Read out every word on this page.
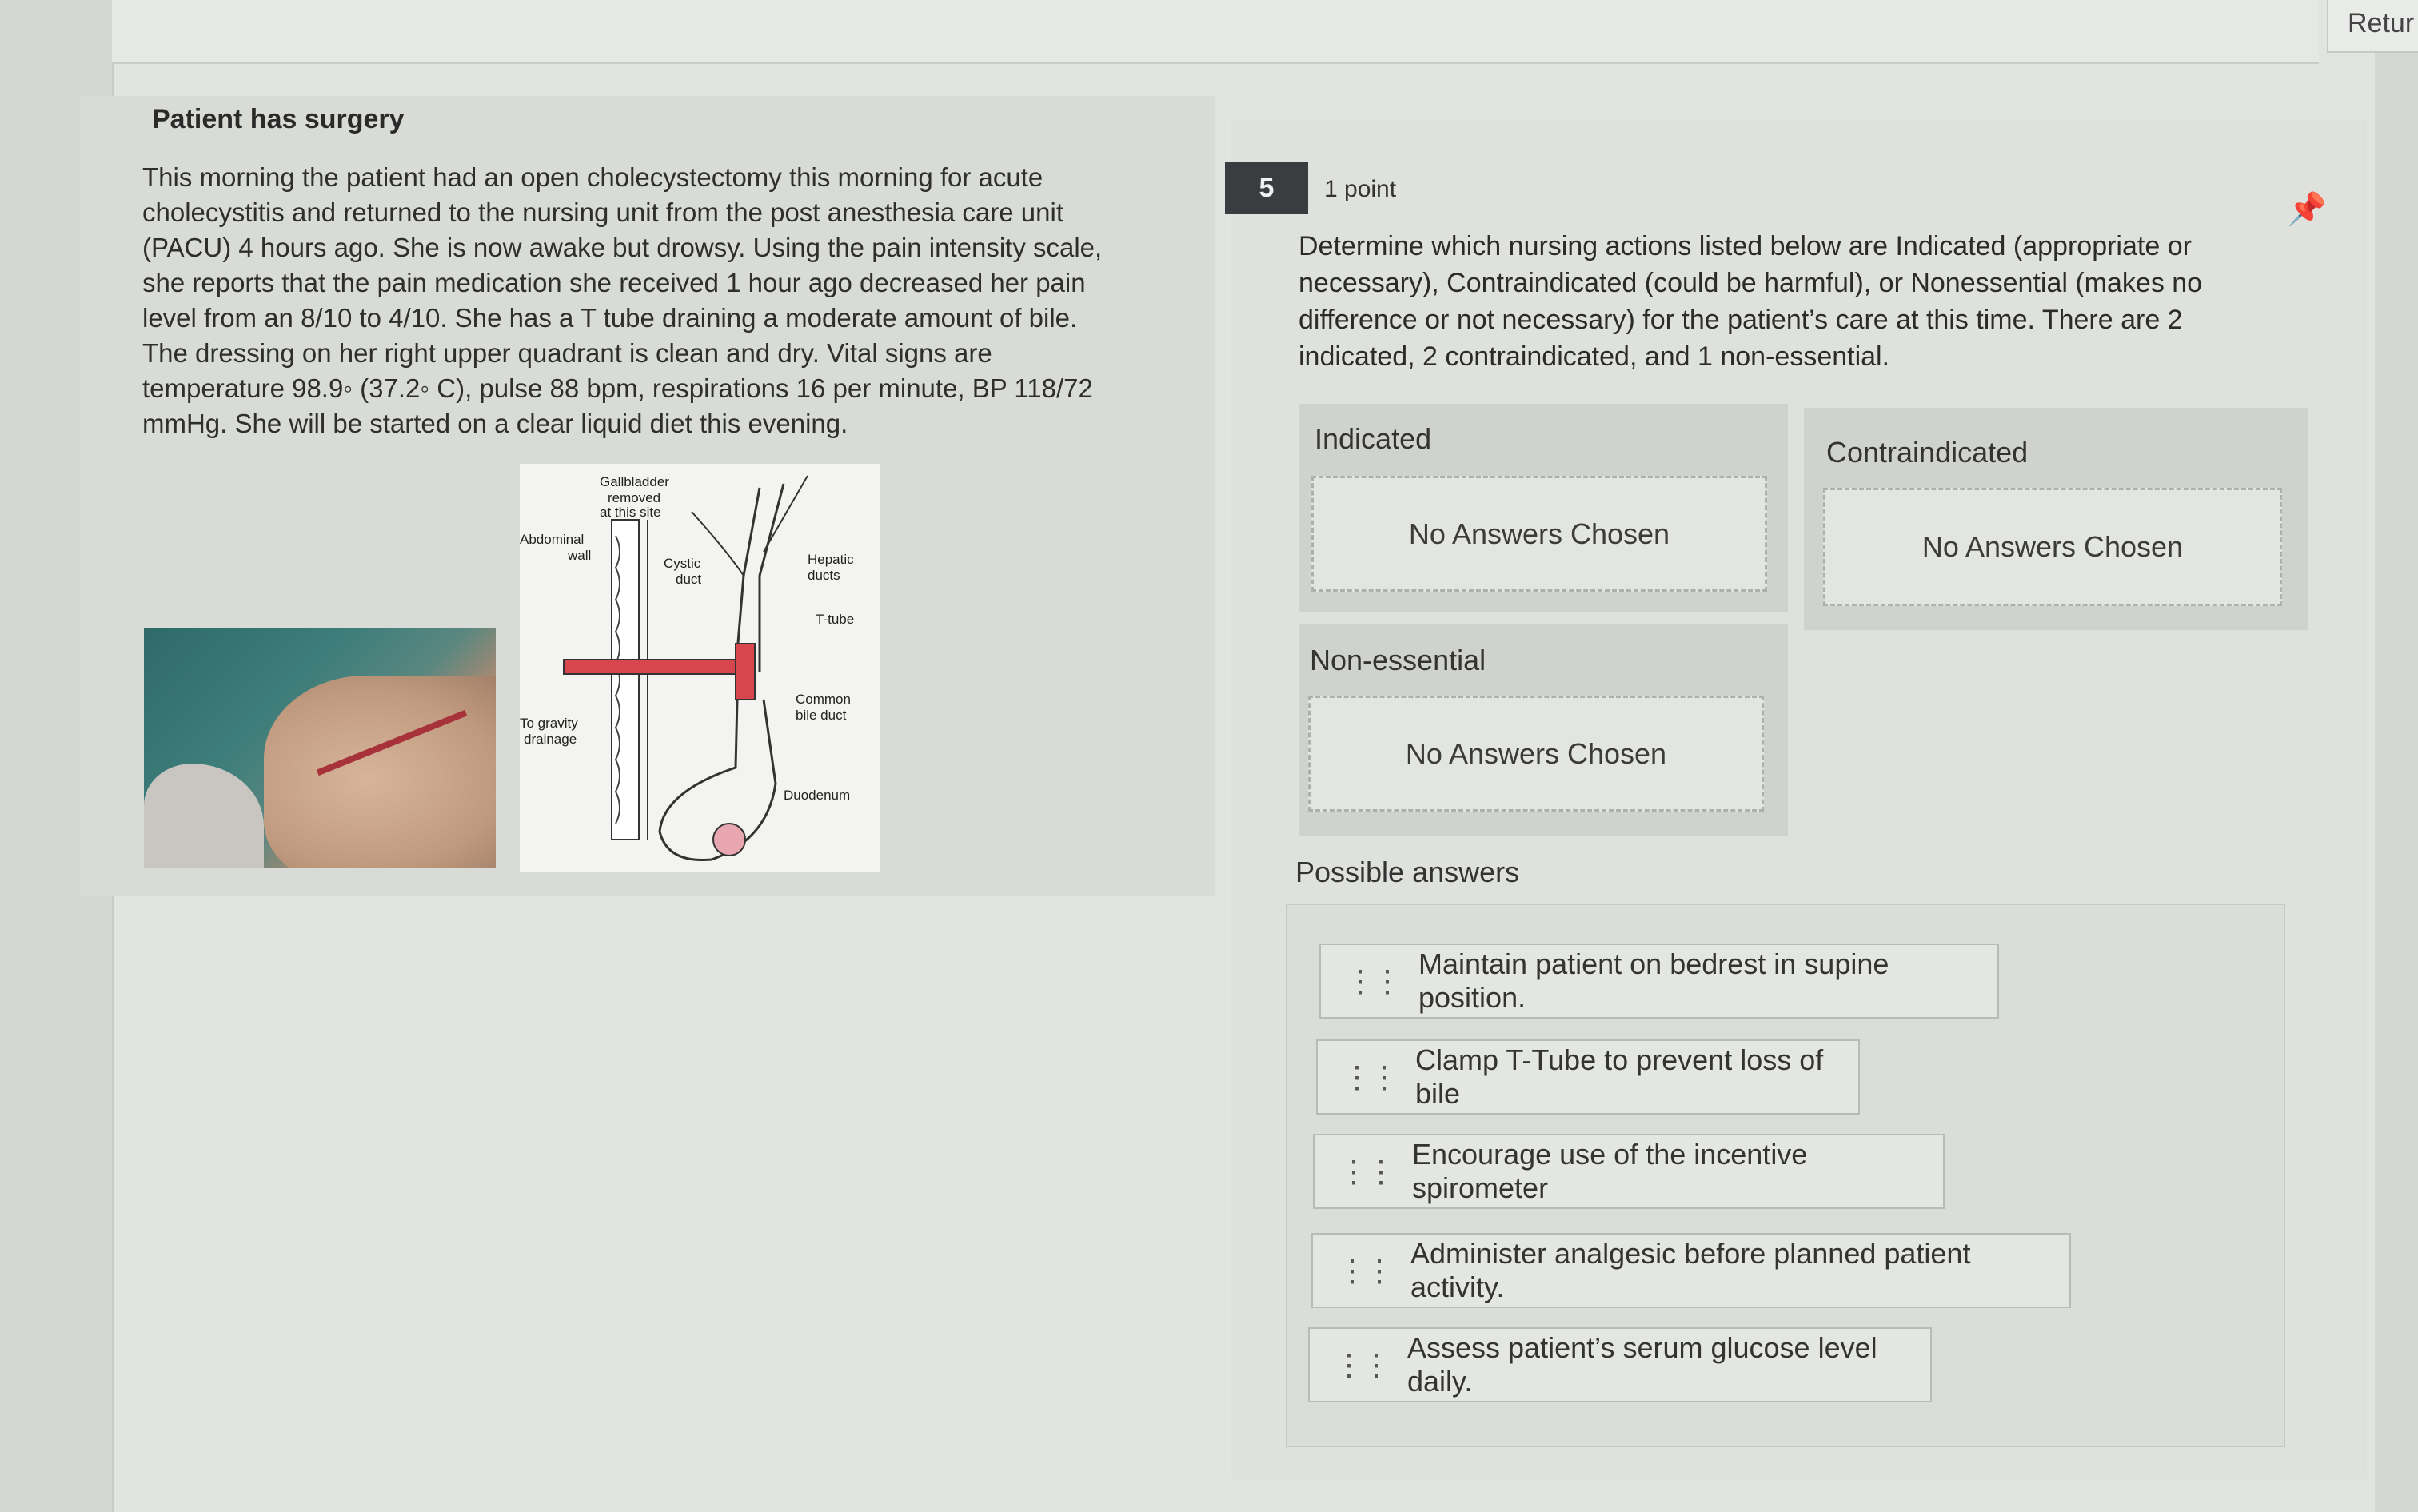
Retur
Patient has surgery
This morning the patient had an open cholecystectomy this morning for acute
cholecystitis and returned to the nursing unit from the post anesthesia care unit
(PACU) 4 hours ago. She is now awake but drowsy. Using the pain intensity scale,
she reports that the pain medication she received 1 hour ago decreased her pain
level from an 8/10 to 4/10. She has a T tube draining a moderate amount of bile.
The dressing on her right upper quadrant is clean and dry. Vital signs are
temperature 98.9◦ (37.2◦ C), pulse 88 bpm, respirations 16 per minute, BP 118/72
mmHg. She will be started on a clear liquid diet this evening.
Gallbladder
removed
at this site
Abdominal
wall
Cystic
duct
Hepatic
ducts
T-tube
Common
bile duct
To gravity
drainage
Duodenum
5	1 point
📌
Determine which nursing actions listed below are Indicated (appropriate or necessary), Contraindicated (could be harmful), or Nonessential (makes no difference or not necessary) for the patient’s care at this time. There are 2 indicated, 2 contraindicated, and 1 non-essential.
Indicated
No Answers Chosen
Contraindicated
No Answers Chosen
Non-essential
No Answers Chosen
Possible answers
⋮⋮
Maintain patient on bedrest in supine position.
⋮⋮
Clamp T-Tube to prevent loss of bile
⋮⋮
Encourage use of the incentive spirometer
⋮⋮
Administer analgesic before planned patient activity.
⋮⋮
Assess patient’s serum glucose level daily.
